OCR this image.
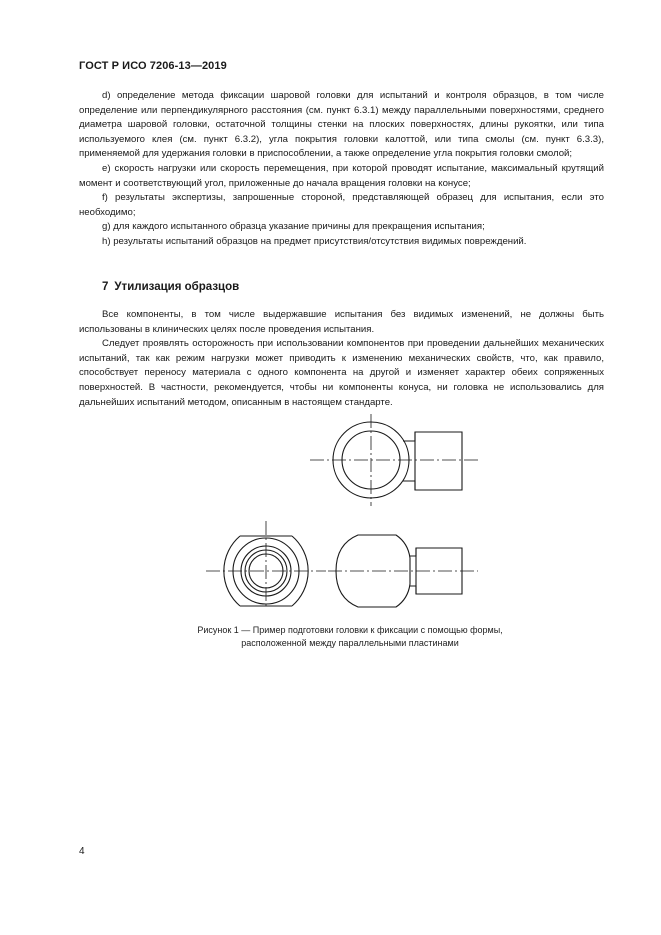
ГОСТ Р ИСО 7206-13—2019

d) определение метода фиксации шаровой головки для испытаний и контроля образцов, в том числе определение или перпендикулярного расстояния (см. пункт 6.3.1) между параллельными поверхностями, среднего диаметра шаровой головки, остаточной толщины стенки на плоских поверхностях, длины рукоятки, или типа используемого клея (см. пункт 6.3.2), угла покрытия головки калоттой, или типа смолы (см. пункт 6.3.3), применяемой для удержания головки в приспособлении, а также определение угла покрытия головки смолой;

e) скорость нагрузки или скорость перемещения, при которой проводят испытание, максимальный крутящий момент и соответствующий угол, приложенные до начала вращения головки на конусе;

f) результаты экспертизы, запрошенные стороной, представляющей образец для испытания, если это необходимо;

g) для каждого испытанного образца указание причины для прекращения испытания;

h) результаты испытаний образцов на предмет присутствия/отсутствия видимых повреждений.

7 Утилизация образцов

Все компоненты, в том числе выдержавшие испытания без видимых изменений, не должны быть использованы в клинических целях после проведения испытания.

Следует проявлять осторожность при использовании компонентов при проведении дальнейших механических испытаний, так как режим нагрузки может приводить к изменению механических свойств, что, как правило, способствует переносу материала с одного компонента на другой и изменяет характер обеих сопряженных поверхностей. В частности, рекомендуется, чтобы ни компоненты конуса, ни головка не использовались для дальнейших испытаний методом, описанным в настоящем стандарте.

Рисунок 1 — Пример подготовки головки к фиксации с помощью формы,
расположенной между параллельными пластинами
4
